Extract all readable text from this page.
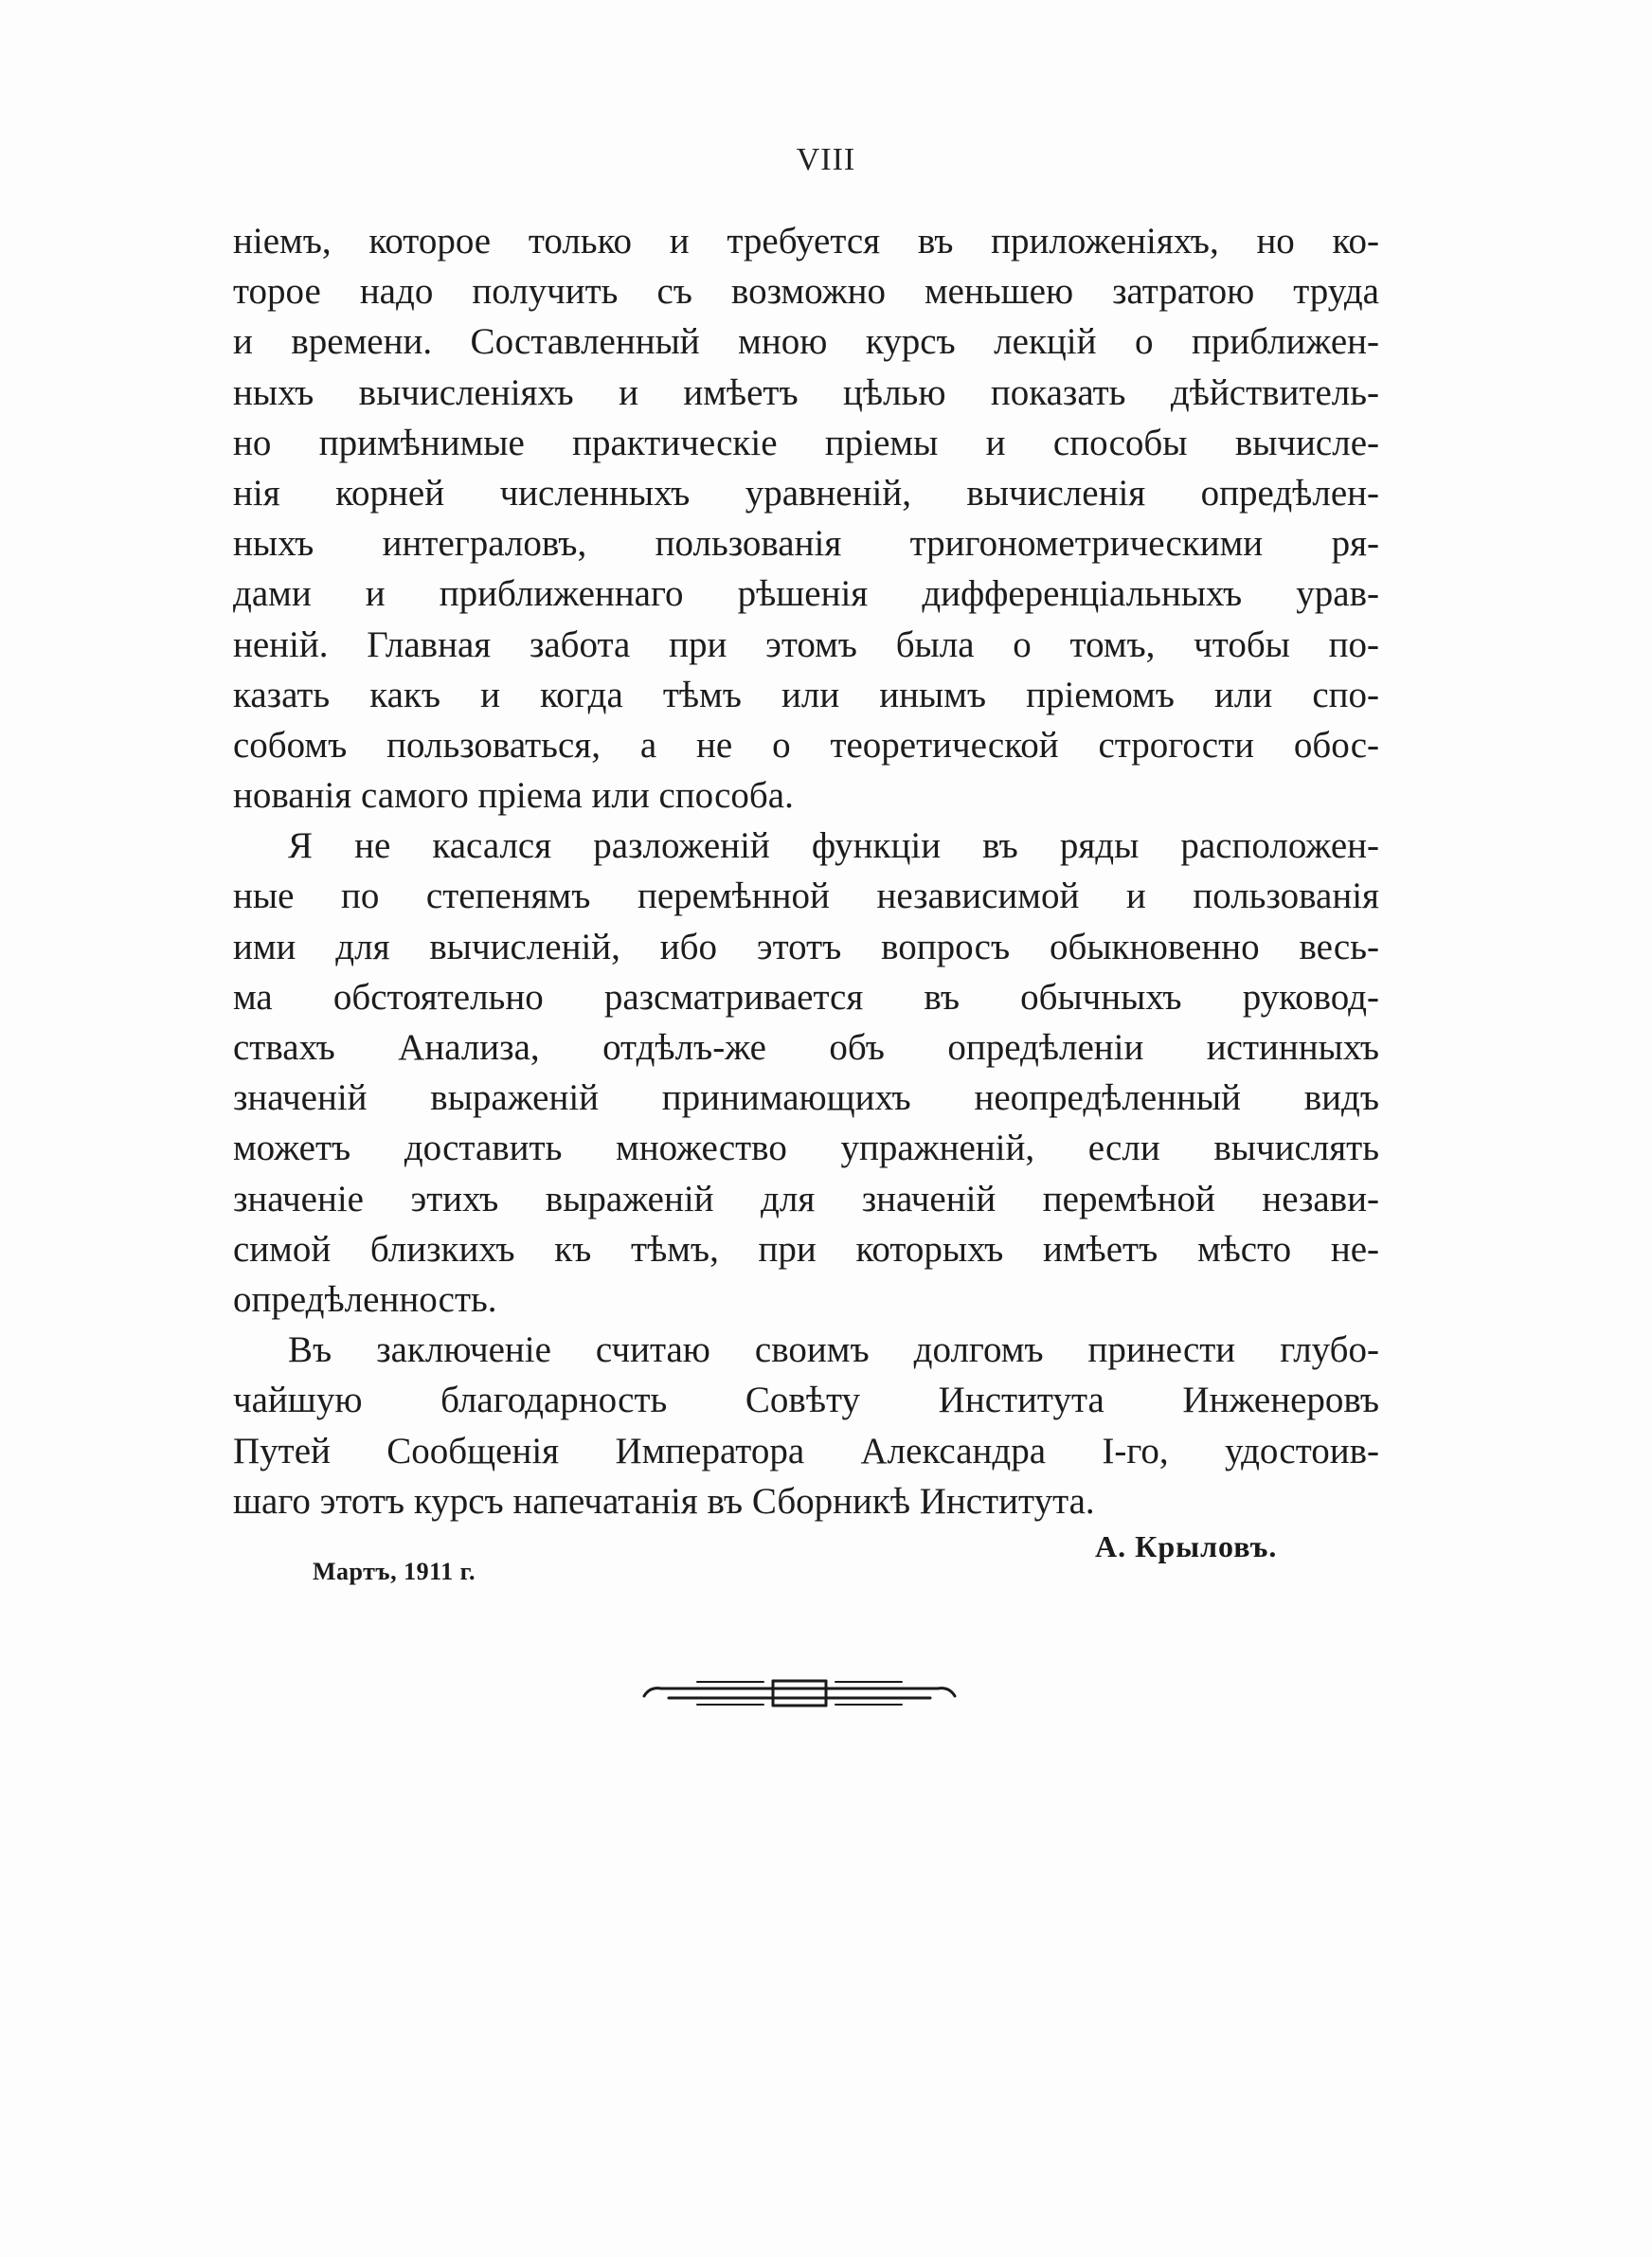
VIII
ніемъ, которое только и требуется въ приложеніяхъ, но ко-
торое надо получить съ возможно меньшею затратою труда
и времени. Составленный мною курсъ лекцій о приближен-
ныхъ вычисленіяхъ и имѣетъ цѣлью показать дѣйствитель-
но примѣнимые практическіе пріемы и способы вычисле-
нія корней численныхъ уравненій, вычисленія опредѣлен-
ныхъ интеграловъ, пользованія тригонометрическими ря-
дами и приближеннаго рѣшенія дифференціальныхъ урав-
неній. Главная забота при этомъ была о томъ, чтобы по-
казать какъ и когда тѣмъ или инымъ пріемомъ или спо-
собомъ пользоваться, а не о теоретической строгости обос-
нованія самого пріема или способа.
Я не касался разложеній функціи въ ряды расположен-
ные по степенямъ перемѣнной независимой и пользованія
ими для вычисленій, ибо этотъ вопросъ обыкновенно весь-
ма обстоятельно разсматривается въ обычныхъ руковод-
ствахъ Анализа, отдѣлъ-же объ опредѣленіи истинныхъ
значеній выраженій принимающихъ неопредѣленный видъ
можетъ доставить множество упражненій, если вычислять
значеніе этихъ выраженій для значеній перемѣной незави-
симой близкихъ къ тѣмъ, при которыхъ имѣетъ мѣсто не-
опредѣленность.
Въ заключеніе считаю своимъ долгомъ принести глубо-
чайшую благодарность Совѣту Института Инженеровъ
Путей Сообщенія Императора Александра І-го, удостоив-
шаго этотъ курсъ напечатанія въ Сборникѣ Института.
А. Крыловъ.
Мартъ, 1911 г.
